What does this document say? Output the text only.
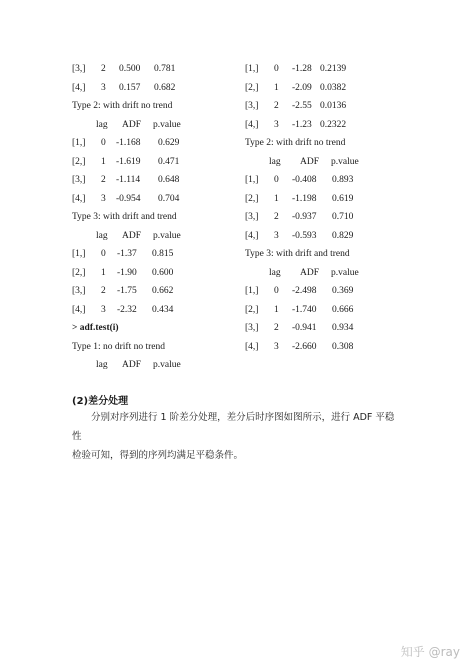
[3,] 2 0.500 0.781
[4,] 3 0.157 0.682
Type 2: with drift no trend
lag ADF p.value
[1,] 0 -1.168 0.629
[2,] 1 -1.619 0.471
[3,] 2 -1.114 0.648
[4,] 3 -0.954 0.704
Type 3: with drift and trend
lag ADF p.value
[1,] 0 -1.37 0.815
[2,] 1 -1.90 0.600
[3,] 2 -1.75 0.662
[4,] 3 -2.32 0.434
> adf.test(i)
Type 1: no drift no trend
lag ADF p.value
[1,] 0 -1.28 0.2139
[2,] 1 -2.09 0.0382
[3,] 2 -2.55 0.0136
[4,] 3 -1.23 0.2322
Type 2: with drift no trend
lag ADF p.value
[1,] 0 -0.408 0.893
[2,] 1 -1.198 0.619
[3,] 2 -0.937 0.710
[4,] 3 -0.593 0.829
Type 3: with drift and trend
lag ADF p.value
[1,] 0 -2.498 0.369
[2,] 1 -1.740 0.666
[3,] 2 -0.941 0.934
[4,] 3 -2.660 0.308
(2)差分处理

分别对序列进行 1 阶差分处理，差分后时序图如图所示，进行 ADF 平稳性

检验可知，得到的序列均满足平稳条件。

知乎 @ray
